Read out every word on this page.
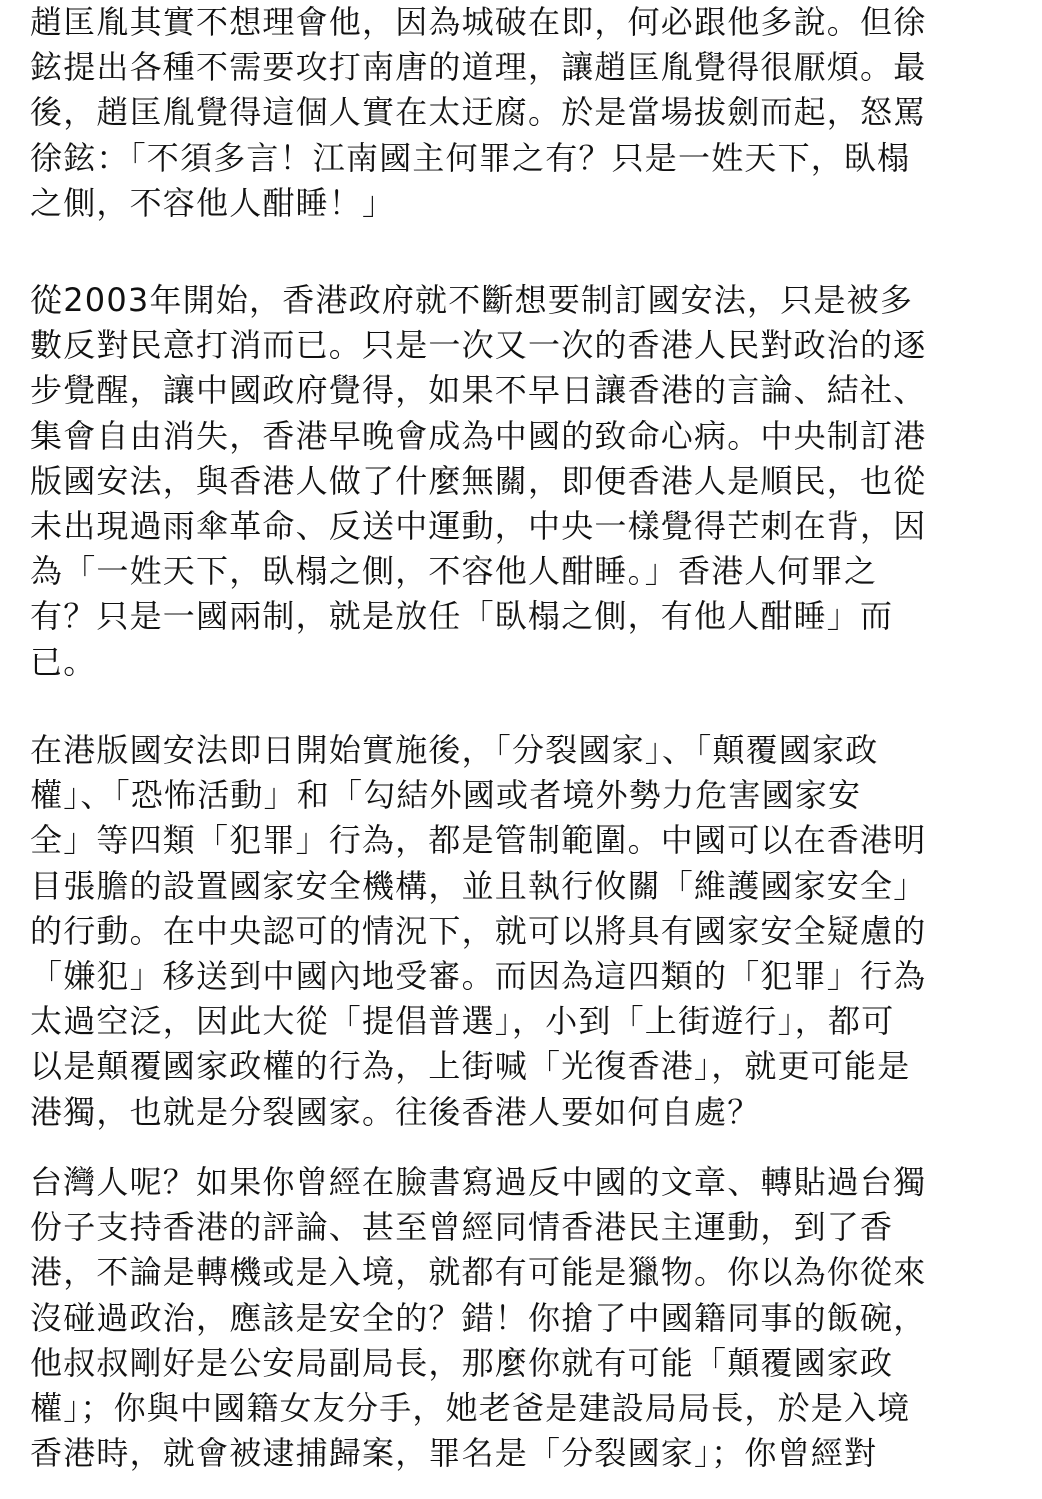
趙匡胤其實不想理會他，因為城破在即，何必跟他多說。但徐
鉉提出各種不需要攻打南唐的道理，讓趙匡胤覺得很厭煩。最
後，趙匡胤覺得這個人實在太迂腐。於是當場拔劍而起，怒罵
徐鉉：「不須多言！江南國主何罪之有？只是一姓天下，臥榻
之側，不容他人酣睡！」

從2003年開始，香港政府就不斷想要制訂國安法，只是被多
數反對民意打消而已。只是一次又一次的香港人民對政治的逐
步覺醒，讓中國政府覺得，如果不早日讓香港的言論、結社、
集會自由消失，香港早晚會成為中國的致命心病。中央制訂港
版國安法，與香港人做了什麼無關，即便香港人是順民，也從
未出現過雨傘革命、反送中運動，中央一樣覺得芒刺在背，因
為「一姓天下，臥榻之側，不容他人酣睡。」香港人何罪之
有？只是一國兩制，就是放任「臥榻之側，有他人酣睡」而
已。

在港版國安法即日開始實施後，「分裂國家」、「顛覆國家政
權」、「恐怖活動」和「勾結外國或者境外勢力危害國家安
全」等四類「犯罪」行為，都是管制範圍。中國可以在香港明
目張膽的設置國家安全機構，並且執行攸關「維護國家安全」
的行動。在中央認可的情況下，就可以將具有國家安全疑慮的
「嫌犯」移送到中國內地受審。而因為這四類的「犯罪」行為
太過空泛，因此大從「提倡普選」，小到「上街遊行」，都可
以是顛覆國家政權的行為，上街喊「光復香港」，就更可能是
港獨，也就是分裂國家。往後香港人要如何自處？

台灣人呢？如果你曾經在臉書寫過反中國的文章、轉貼過台獨
份子支持香港的評論、甚至曾經同情香港民主運動，到了香
港，不論是轉機或是入境，就都有可能是獵物。你以為你從來
沒碰過政治，應該是安全的？錯！你搶了中國籍同事的飯碗，
他叔叔剛好是公安局副局長，那麼你就有可能「顛覆國家政
權」；你與中國籍女友分手，她老爸是建設局局長，於是入境
香港時，就會被逮捕歸案，罪名是「分裂國家」；你曾經對
